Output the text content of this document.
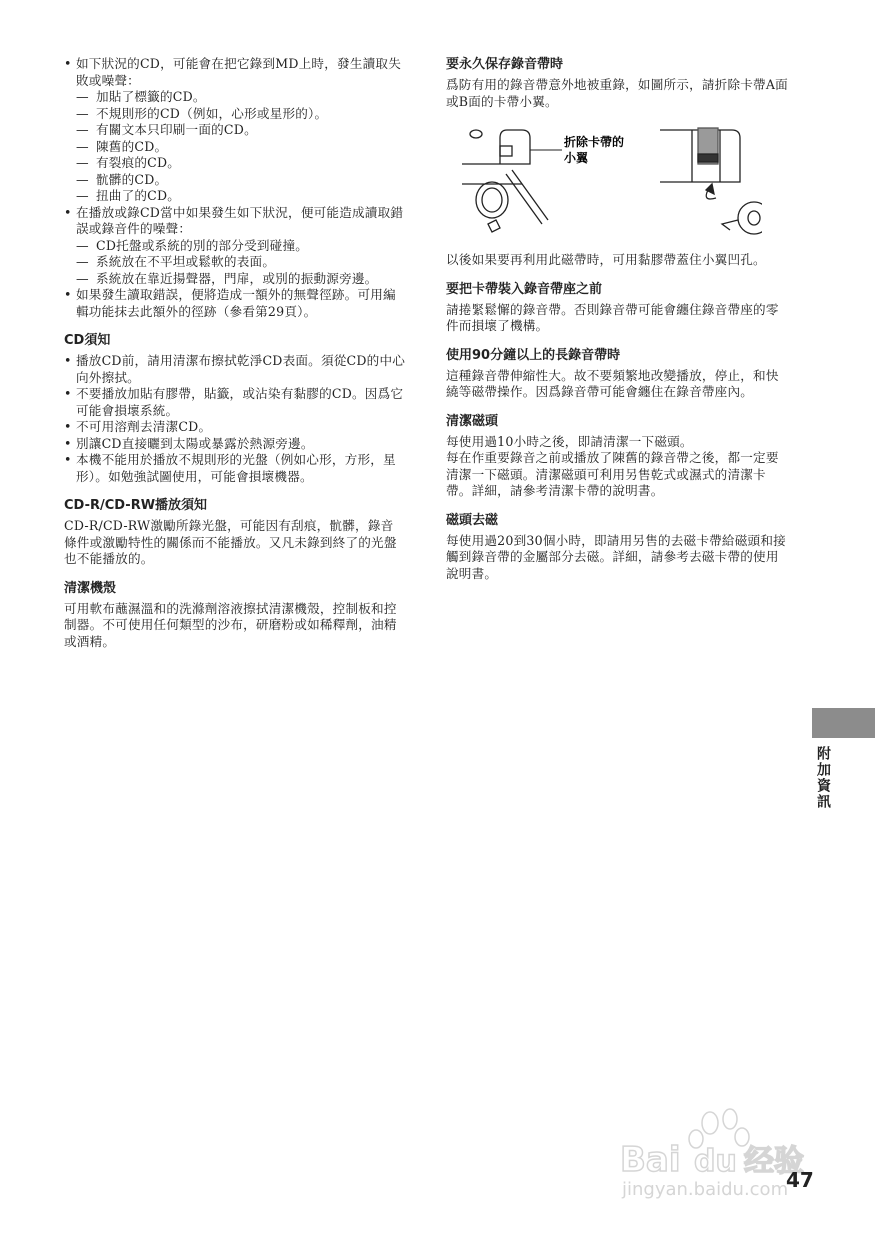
• 如下狀況的CD，可能會在把它錄到MD上時，發生讀取失敗或噪聲：
— 加貼了標籤的CD。
— 不規則形的CD（例如，心形或星形的）。
— 有關文本只印刷一面的CD。
— 陳舊的CD。
— 有裂痕的CD。
— 骯髒的CD。
— 扭曲了的CD。
• 在播放或錄CD當中如果發生如下狀況，便可能造成讀取錯誤或錄音件的噪聲：
— CD托盤或系統的別的部分受到碰撞。
— 系統放在不平坦或鬆軟的表面。
— 系統放在靠近揚聲器，門扉，或別的振動源旁邊。
• 如果發生讀取錯誤，便將造成一額外的無聲徑跡。可用編輯功能抹去此額外的徑跡（參看第29頁）。

CD須知

• 播放CD前，請用清潔布擦拭乾淨CD表面。須從CD的中心向外擦拭。
• 不要播放加貼有膠帶，貼籤，或沾染有黏膠的CD。因爲它可能會損壞系統。
• 不可用溶劑去清潔CD。
• 別讓CD直接曬到太陽或暴露於熱源旁邊。
• 本機不能用於播放不規則形的光盤（例如心形，方形，星形）。如勉強試圖使用，可能會損壞機器。

CD-R/CD-RW播放須知

CD-R/CD-RW激勵所錄光盤，可能因有刮痕，骯髒，錄音條件或激勵特性的關係而不能播放。又凡未錄到終了的光盤也不能播放的。

清潔機殼

可用軟布蘸濕溫和的洗滌劑溶液擦拭清潔機殼，控制板和控制器。不可使用任何類型的沙布，研磨粉或如稀釋劑，油精或酒精。

要永久保存錄音帶時

爲防有用的錄音帶意外地被重錄，如圖所示，請折除卡帶A面或B面的卡帶小翼。

折除卡帶的
小翼

以後如果要再利用此磁帶時，可用黏膠帶蓋住小翼凹孔。

要把卡帶裝入錄音帶座之前

請捲緊鬆懈的錄音帶。否則錄音帶可能會纏住錄音帶座的零件而損壞了機構。

使用90分鐘以上的長錄音帶時

這種錄音帶伸縮性大。故不要頻繁地改變播放，停止，和快繞等磁帶操作。因爲錄音帶可能會纏住在錄音帶座內。

清潔磁頭

每使用過10小時之後，即請清潔一下磁頭。

每在作重要錄音之前或播放了陳舊的錄音帶之後，都一定要清潔一下磁頭。清潔磁頭可利用另售乾式或濕式的清潔卡帶。詳細，請參考清潔卡帶的說明書。

磁頭去磁

每使用過20到30個小時，即請用另售的去磁卡帶給磁頭和接觸到錄音帶的金屬部分去磁。詳細，請參考去磁卡帶的使用說明書。

附加資訊
Bai du 经验
jingyan.baidu.com
47
